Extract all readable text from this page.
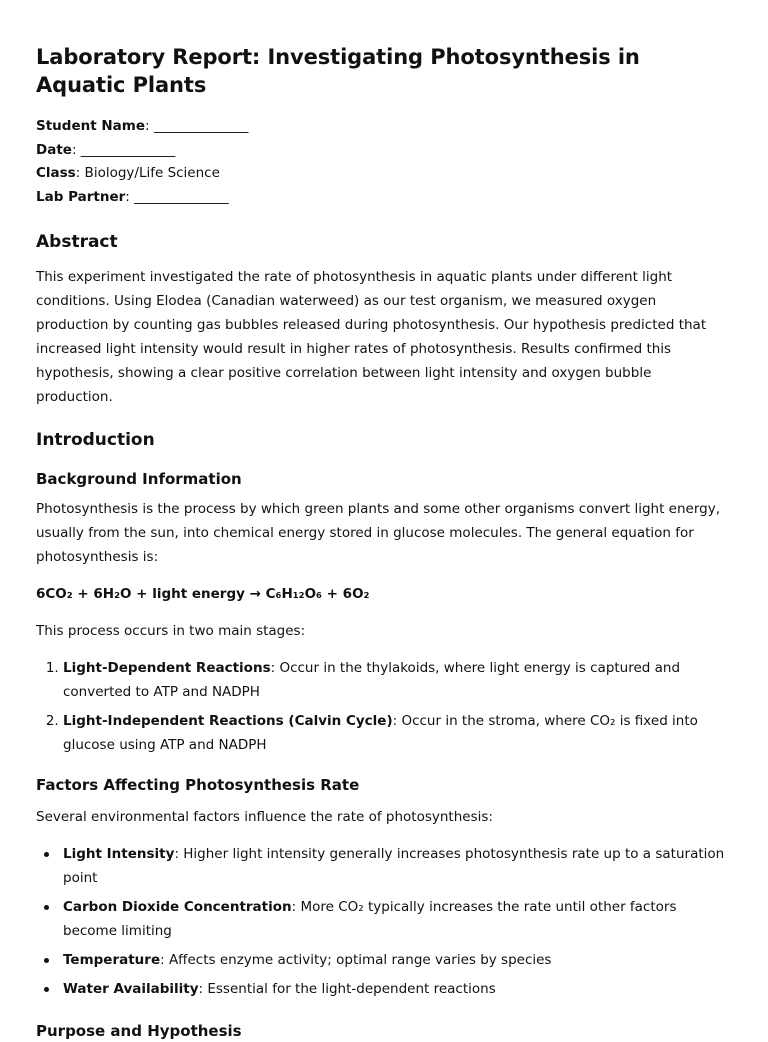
Laboratory Report: Investigating Photosynthesis in Aquatic Plants
Student Name: ______________
Date: ______________
Class: Biology/Life Science
Lab Partner: ______________
Abstract

This experiment investigated the rate of photosynthesis in aquatic plants under different light conditions. Using Elodea (Canadian waterweed) as our test organism, we measured oxygen production by counting gas bubbles released during photosynthesis. Our hypothesis predicted that increased light intensity would result in higher rates of photosynthesis. Results confirmed this hypothesis, showing a clear positive correlation between light intensity and oxygen bubble production.

Introduction
Background Information

Photosynthesis is the process by which green plants and some other organisms convert light energy, usually from the sun, into chemical energy stored in glucose molecules. The general equation for photosynthesis is:

6CO₂ + 6H₂O + light energy → C₆H₁₂O₆ + 6O₂

This process occurs in two main stages:

1. Light-Dependent Reactions: Occur in the thylakoids, where light energy is captured and converted to ATP and NADPH
2. Light-Independent Reactions (Calvin Cycle): Occur in the stroma, where CO₂ is fixed into glucose using ATP and NADPH
Factors Affecting Photosynthesis Rate

Several environmental factors influence the rate of photosynthesis:

Light Intensity: Higher light intensity generally increases photosynthesis rate up to a saturation point
Carbon Dioxide Concentration: More CO₂ typically increases the rate until other factors become limiting
Temperature: Affects enzyme activity; optimal range varies by species
Water Availability: Essential for the light-dependent reactions
Purpose and Hypothesis
